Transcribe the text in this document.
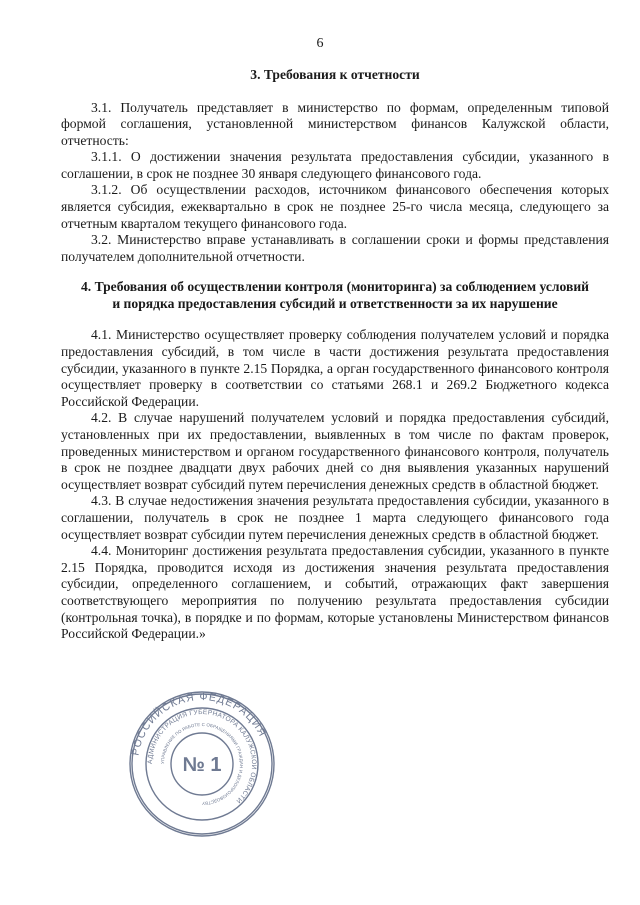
6

3. Требования к отчетности

3.1. Получатель представляет в министерство по формам, определенным типовой формой соглашения, установленной министерством финансов Калужской области, отчетность:

3.1.1. О достижении значения результата предоставления субсидии, указанного в соглашении, в срок не позднее 30 января следующего финансового года.

3.1.2. Об осуществлении расходов, источником финансового обеспечения которых является субсидия, ежеквартально в срок не позднее 25-го числа месяца, следующего за отчетным кварталом текущего финансового года.

3.2. Министерство вправе устанавливать в соглашении сроки и формы представления получателем дополнительной отчетности.

4. Требования об осуществлении контроля (мониторинга) за соблюдением условий
и порядка предоставления субсидий и ответственности за их нарушение

4.1. Министерство осуществляет проверку соблюдения получателем условий и порядка предоставления субсидий, в том числе в части достижения результата предоставления субсидии, указанного в пункте 2.15 Порядка, а орган государственного финансового контроля осуществляет проверку в соответствии со статьями 268.1 и 269.2 Бюджетного кодекса Российской Федерации.

4.2. В случае нарушений получателем условий и порядка предоставления субсидий, установленных при их предоставлении, выявленных в том числе по фактам проверок, проведенных министерством и органом государственного финансового контроля, получатель в срок не позднее двадцати двух рабочих дней со дня выявления указанных нарушений осуществляет возврат субсидий путем перечисления денежных средств в областной бюджет.

4.3. В случае недостижения значения результата предоставления субсидии, указанного в соглашении, получатель в срок не позднее 1 марта следующего финансового года осуществляет возврат субсидии путем перечисления денежных средств в областной бюджет.

4.4. Мониторинг достижения результата предоставления субсидии, указанного в пункте 2.15 Порядка, проводится исходя из достижения значения результата предоставления субсидии, определенного соглашением, и событий, отражающих факт завершения соответствующего мероприятия по получению результата предоставления субсидии (контрольная точка), в порядке и по формам, которые установлены Министерством финансов Российской Федерации.»

РОССИЙСКАЯ ФЕДЕРАЦИЯ
АДМИНИСТРАЦИЯ ГУБЕРНАТОРА КАЛУЖСКОЙ ОБЛАСТИ
УПРАВЛЕНИЕ ПО РАБОТЕ С ОБРАЩЕНИЯМИ ГРАЖДАН И ДЕЛОПРОИЗВОДСТВУ
№ 1
